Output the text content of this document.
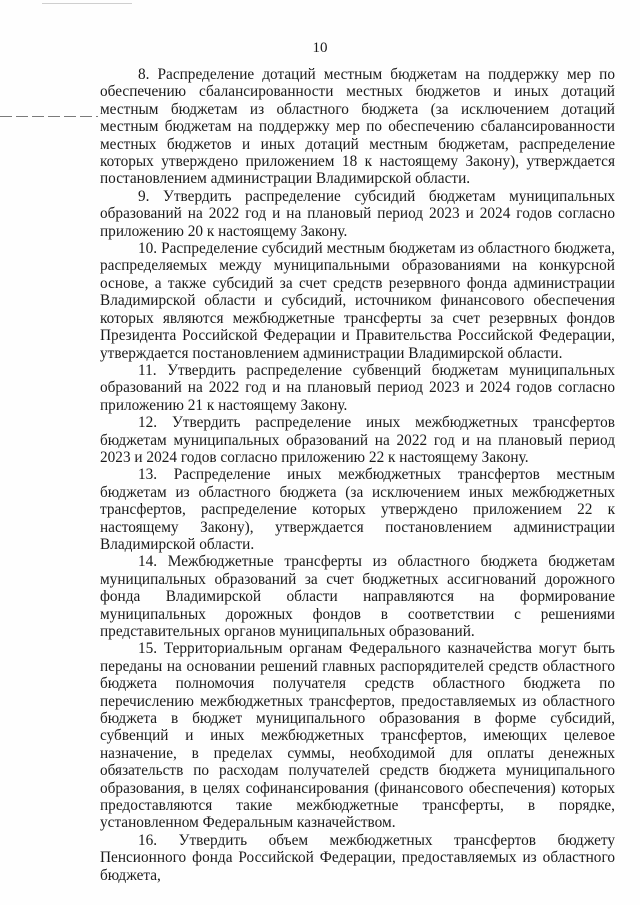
10

8. Распределение дотаций местным бюджетам на поддержку мер по обеспечению сбалансированности местных бюджетов и иных дотаций местным бюджетам из областного бюджета (за исключением дотаций местным бюджетам на поддержку мер по обеспечению сбалансированности местных бюджетов и иных дотаций местным бюджетам, распределение которых утверждено приложением 18 к настоящему Закону), утверждается постановлением администрации Владимирской области.

9. Утвердить распределение субсидий бюджетам муниципальных образований на 2022 год и на плановый период 2023 и 2024 годов согласно приложению 20 к настоящему Закону.

10. Распределение субсидий местным бюджетам из областного бюджета, распределяемых между муниципальными образованиями на конкурсной основе, а также субсидий за счет средств резервного фонда администрации Владимирской области и субсидий, источником финансового обеспечения которых являются межбюджетные трансферты за счет резервных фондов Президента Российской Федерации и Правительства Российской Федерации, утверждается постановлением администрации Владимирской области.

11. Утвердить распределение субвенций бюджетам муниципальных образований на 2022 год и на плановый период 2023 и 2024 годов согласно приложению 21 к настоящему Закону.

12. Утвердить распределение иных межбюджетных трансфертов бюджетам муниципальных образований на 2022 год и на плановый период 2023 и 2024 годов согласно приложению 22 к настоящему Закону.

13. Распределение иных межбюджетных трансфертов местным бюджетам из областного бюджета (за исключением иных межбюджетных трансфертов, распределение которых утверждено приложением 22 к настоящему Закону), утверждается постановлением администрации Владимирской области.

14. Межбюджетные трансферты из областного бюджета бюджетам муниципальных образований за счет бюджетных ассигнований дорожного фонда Владимирской области направляются на формирование муниципальных дорожных фондов в соответствии с решениями представительных органов муниципальных образований.

15. Территориальным органам Федерального казначейства могут быть переданы на основании решений главных распорядителей средств областного бюджета полномочия получателя средств областного бюджета по перечислению межбюджетных трансфертов, предоставляемых из областного бюджета в бюджет муниципального образования в форме субсидий, субвенций и иных межбюджетных трансфертов, имеющих целевое назначение, в пределах суммы, необходимой для оплаты денежных обязательств по расходам получателей средств бюджета муниципального образования, в целях софинансирования (финансового обеспечения) которых предоставляются такие межбюджетные трансферты, в порядке, установленном Федеральным казначейством.

16. Утвердить объем межбюджетных трансфертов бюджету Пенсионного фонда Российской Федерации, предоставляемых из областного бюджета,
